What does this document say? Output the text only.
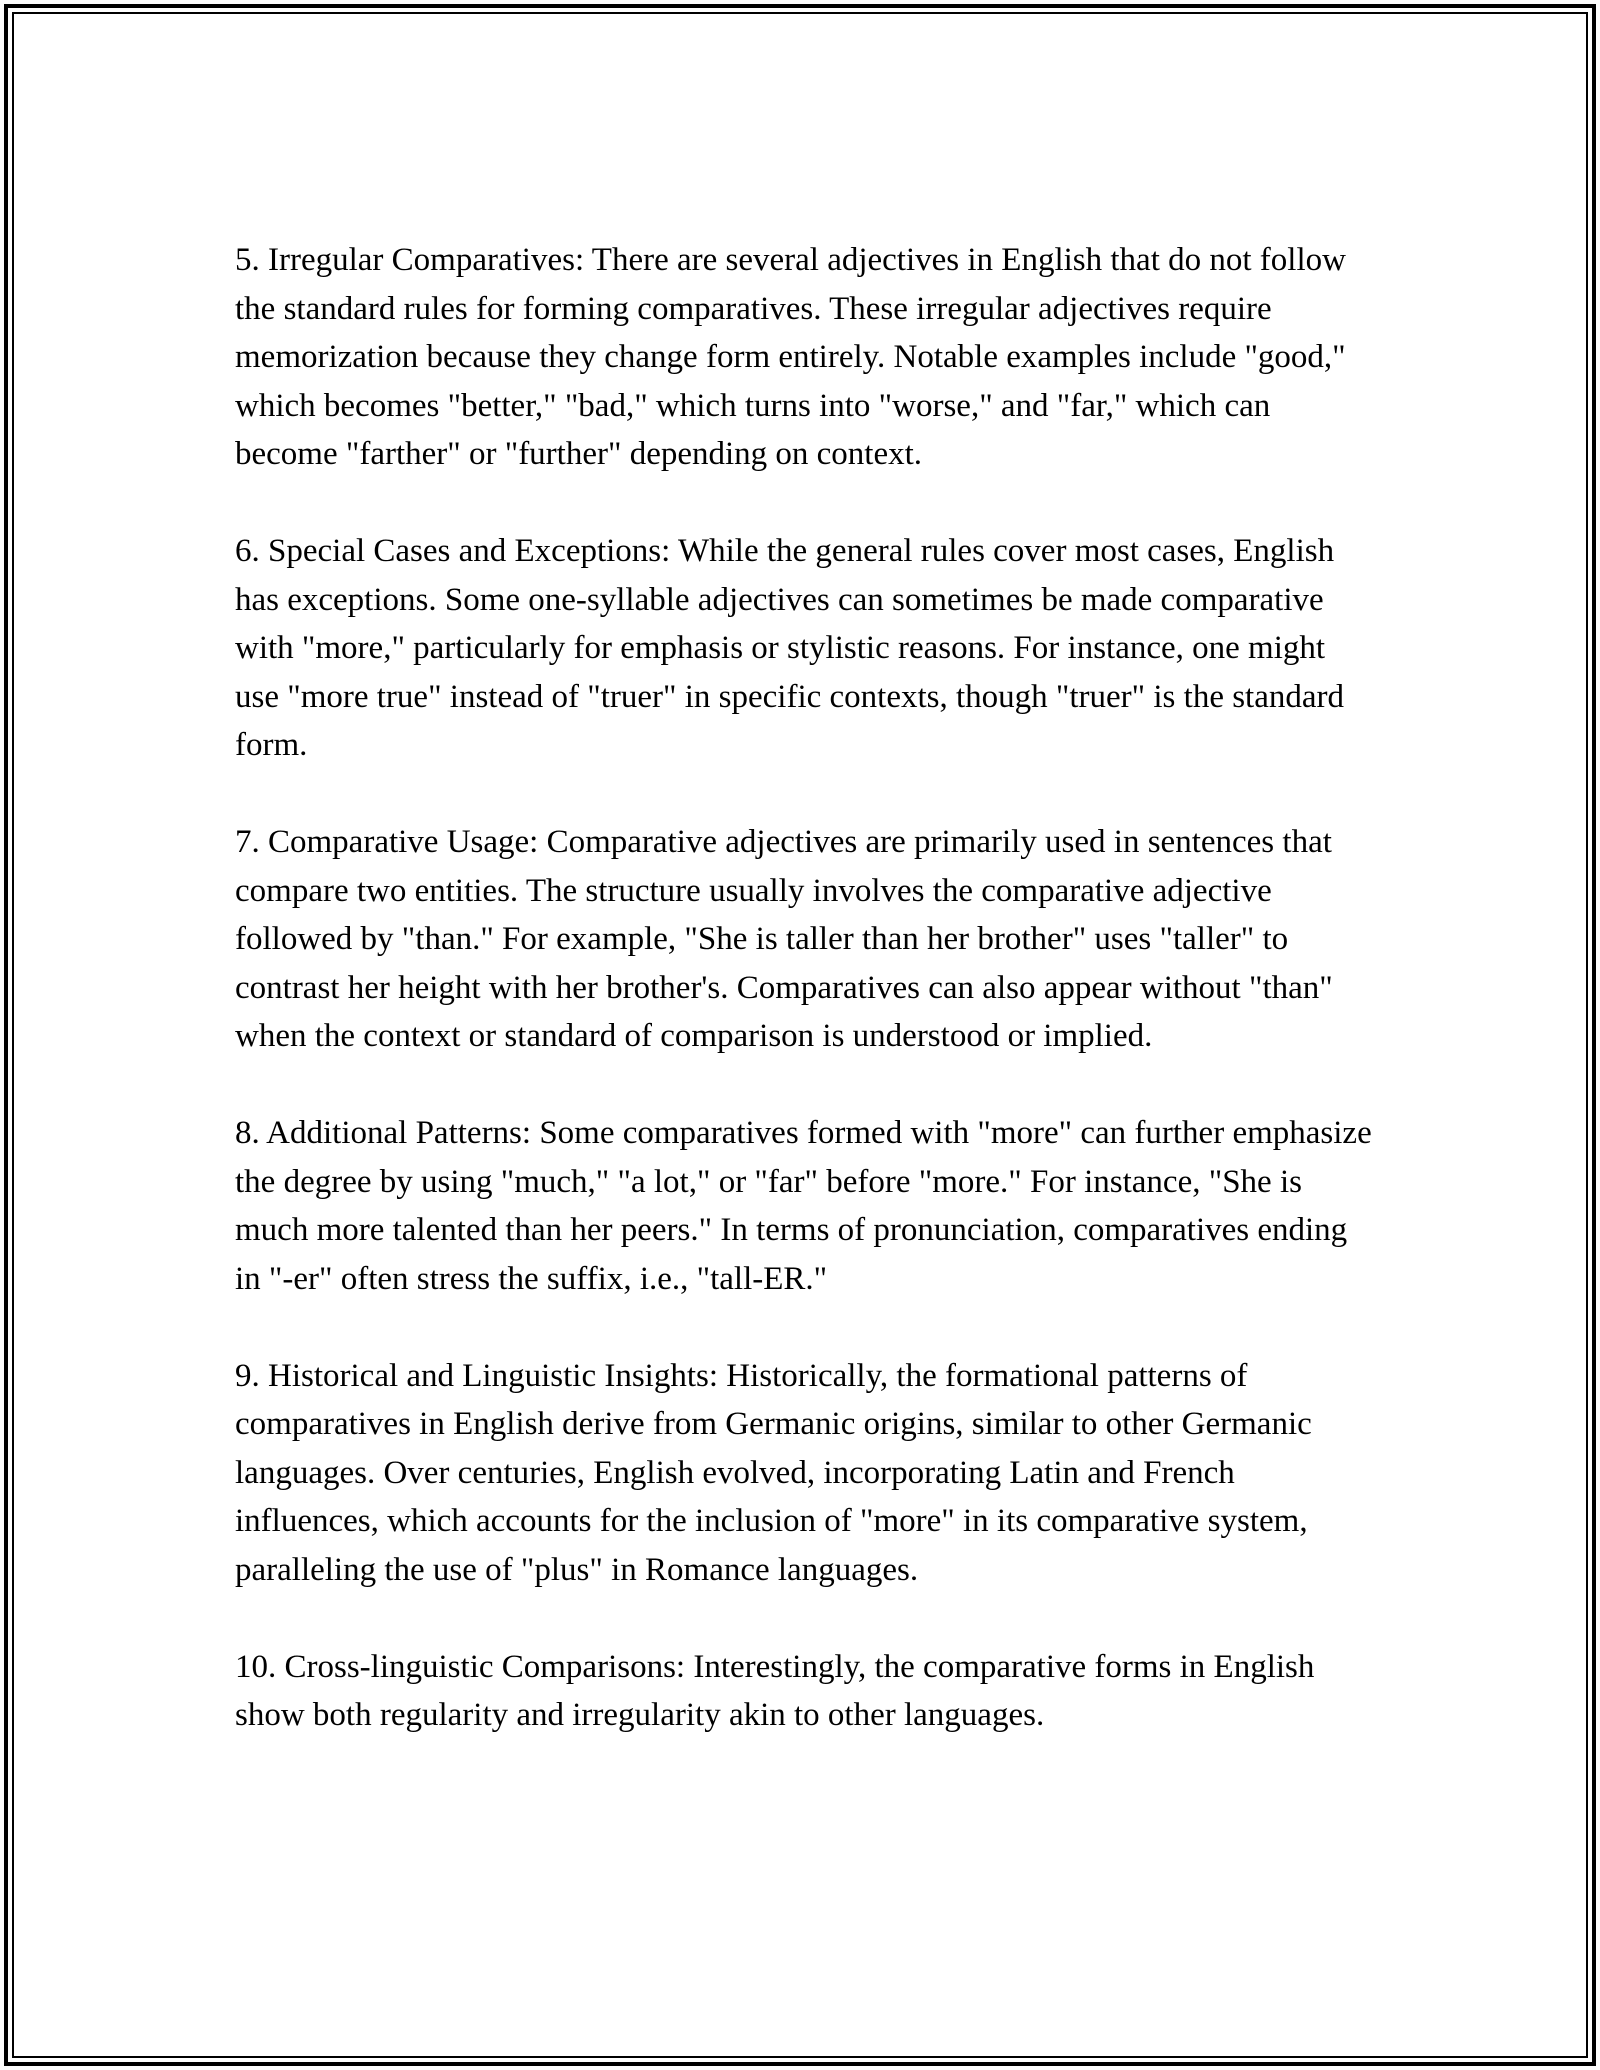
5. Irregular Comparatives: There are several adjectives in English that do not follow the standard rules for forming comparatives. These irregular adjectives require memorization because they change form entirely. Notable examples include "good," which becomes "better," "bad," which turns into "worse," and "far," which can become "farther" or "further" depending on context.

6. Special Cases and Exceptions: While the general rules cover most cases, English has exceptions. Some one-syllable adjectives can sometimes be made comparative with "more," particularly for emphasis or stylistic reasons. For instance, one might use "more true" instead of "truer" in specific contexts, though "truer" is the standard form.

7. Comparative Usage: Comparative adjectives are primarily used in sentences that compare two entities. The structure usually involves the comparative adjective followed by "than." For example, "She is taller than her brother" uses "taller" to contrast her height with her brother's. Comparatives can also appear without "than" when the context or standard of comparison is understood or implied.

8. Additional Patterns: Some comparatives formed with "more" can further emphasize the degree by using "much," "a lot," or "far" before "more." For instance, "She is much more talented than her peers." In terms of pronunciation, comparatives ending in "-er" often stress the suffix, i.e., "tall-ER."

9. Historical and Linguistic Insights: Historically, the formational patterns of comparatives in English derive from Germanic origins, similar to other Germanic languages. Over centuries, English evolved, incorporating Latin and French influences, which accounts for the inclusion of "more" in its comparative system, paralleling the use of "plus" in Romance languages.

10. Cross-linguistic Comparisons: Interestingly, the comparative forms in English show both regularity and irregularity akin to other languages.
